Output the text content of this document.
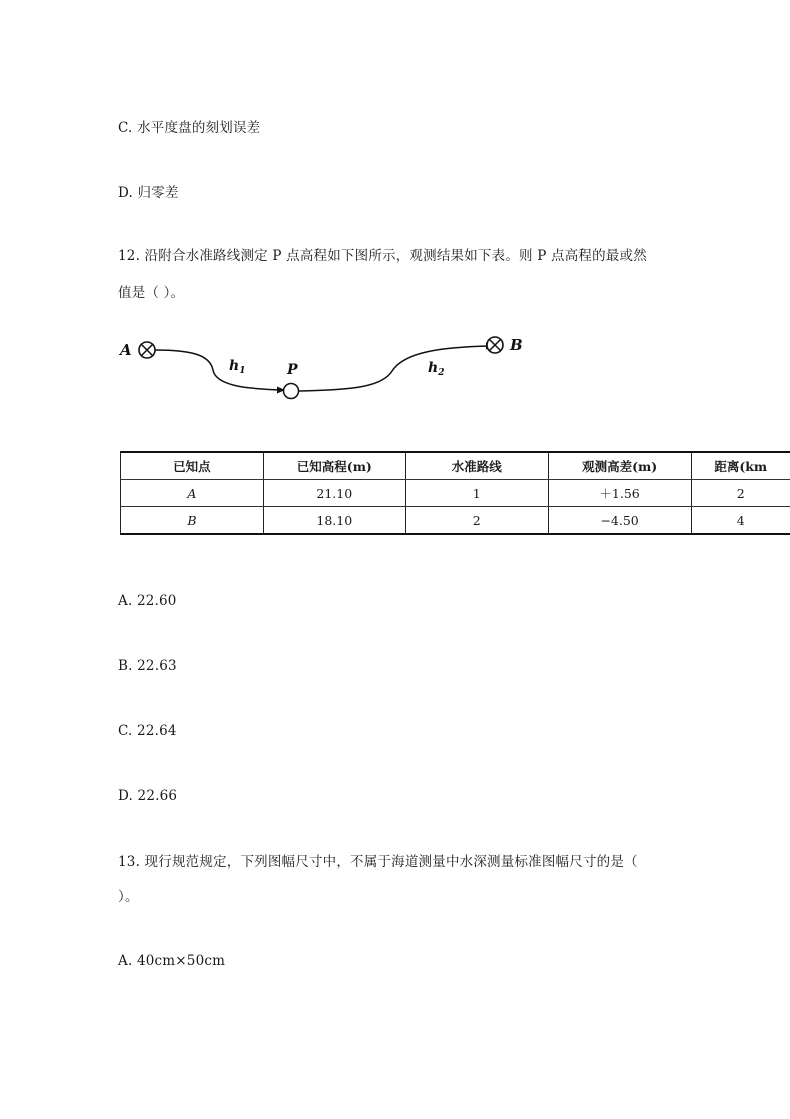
C. 水平度盘的刻划误差
D. 归零差
12. 沿附合水准路线测定 P 点高程如下图所示，观测结果如下表。则 P 点高程的最或然
值是（ ）。
A
$h_1$	P	$h_2$
B
已知点	已知高程(m)	水准路线	观测高差(m)	距离(km
A	21.10	1	＋1.56	2
B	18.10	2	−4.50	4
A. 22.60
B. 22.63
C. 22.64
D. 22.66
13. 现行规范规定，下列图幅尺寸中，不属于海道测量中水深测量标准图幅尺寸的是（
）。
A. 40cm×50cm
